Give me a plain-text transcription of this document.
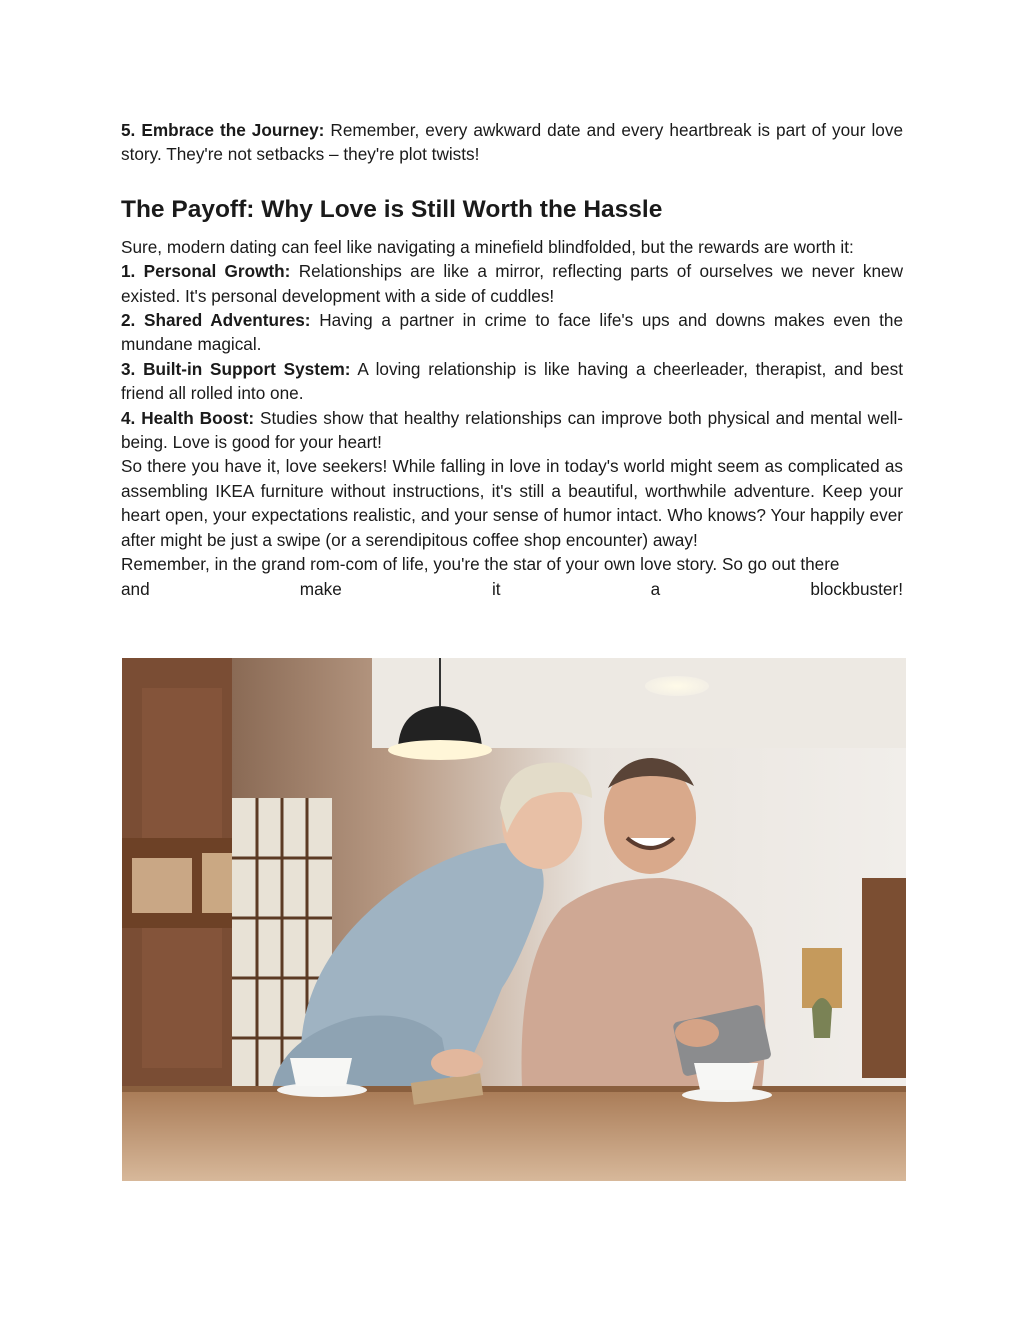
5. Embrace the Journey: Remember, every awkward date and every heartbreak is part of your love story. They're not setbacks – they're plot twists!

The Payoff: Why Love is Still Worth the Hassle

Sure, modern dating can feel like navigating a minefield blindfolded, but the rewards are worth it:

1. Personal Growth: Relationships are like a mirror, reflecting parts of ourselves we never knew existed. It's personal development with a side of cuddles!

2. Shared Adventures: Having a partner in crime to face life's ups and downs makes even the mundane magical.

3. Built-in Support System: A loving relationship is like having a cheerleader, therapist, and best friend all rolled into one.

4. Health Boost: Studies show that healthy relationships can improve both physical and mental well-being. Love is good for your heart!

So there you have it, love seekers! While falling in love in today's world might seem as complicated as assembling IKEA furniture without instructions, it's still a beautiful, worthwhile adventure. Keep your heart open, your expectations realistic, and your sense of humor intact. Who knows? Your happily ever after might be just a swipe (or a serendipitous coffee shop encounter) away!

Remember, in the grand rom-com of life, you're the star of your own love story. So go out there

and	make	it	a	blockbuster!
